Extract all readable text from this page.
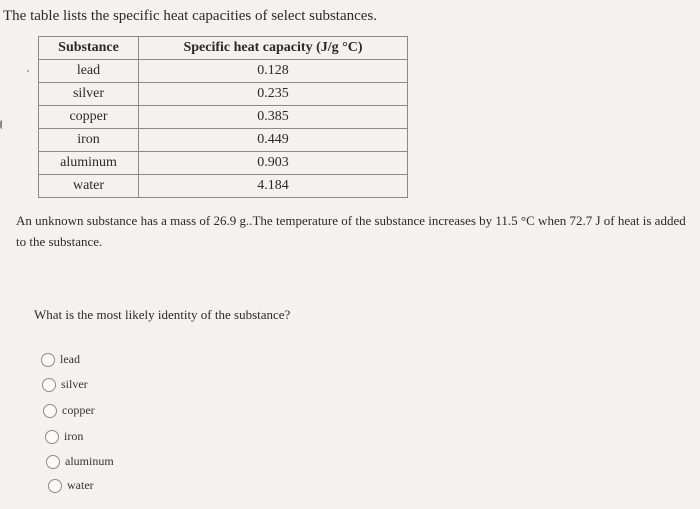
The table lists the specific heat capacities of select substances.
Substance	Specific heat capacity (J/g °C)
lead	0.128
silver	0.235
copper	0.385
iron	0.449
aluminum	0.903
water	4.184
An unknown substance has a mass of 26.9 g..The temperature of the substance increases by 11.5 °C when 72.7 J of heat is added to the substance.
What is the most likely identity of the substance?
lead
silver
copper
iron
aluminum
water
